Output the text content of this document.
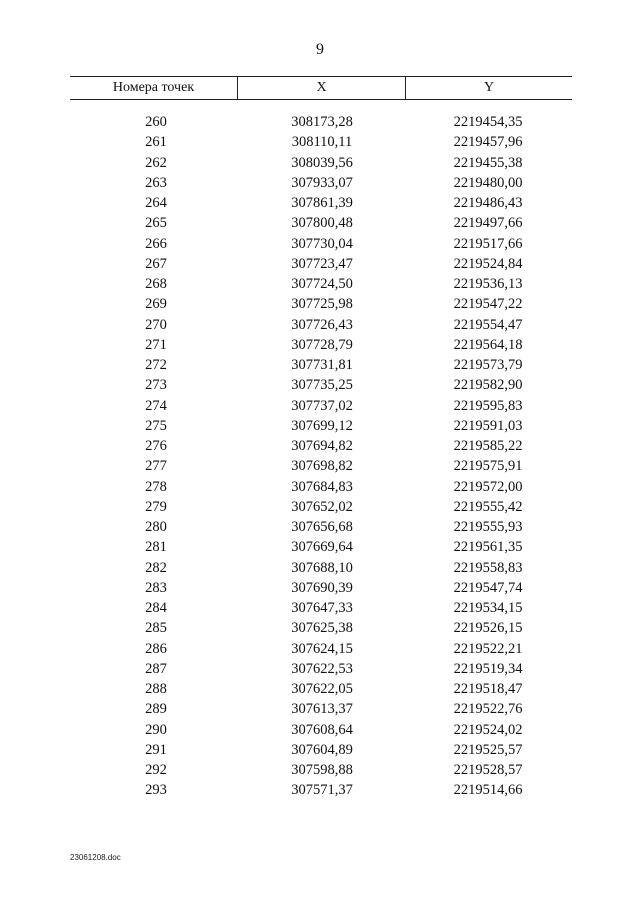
9
Номера точек	X	Y
260	308173,28	2219454,35
261	308110,11	2219457,96
262	308039,56	2219455,38
263	307933,07	2219480,00
264	307861,39	2219486,43
265	307800,48	2219497,66
266	307730,04	2219517,66
267	307723,47	2219524,84
268	307724,50	2219536,13
269	307725,98	2219547,22
270	307726,43	2219554,47
271	307728,79	2219564,18
272	307731,81	2219573,79
273	307735,25	2219582,90
274	307737,02	2219595,83
275	307699,12	2219591,03
276	307694,82	2219585,22
277	307698,82	2219575,91
278	307684,83	2219572,00
279	307652,02	2219555,42
280	307656,68	2219555,93
281	307669,64	2219561,35
282	307688,10	2219558,83
283	307690,39	2219547,74
284	307647,33	2219534,15
285	307625,38	2219526,15
286	307624,15	2219522,21
287	307622,53	2219519,34
288	307622,05	2219518,47
289	307613,37	2219522,76
290	307608,64	2219524,02
291	307604,89	2219525,57
292	307598,88	2219528,57
293	307571,37	2219514,66
23061208.doc
